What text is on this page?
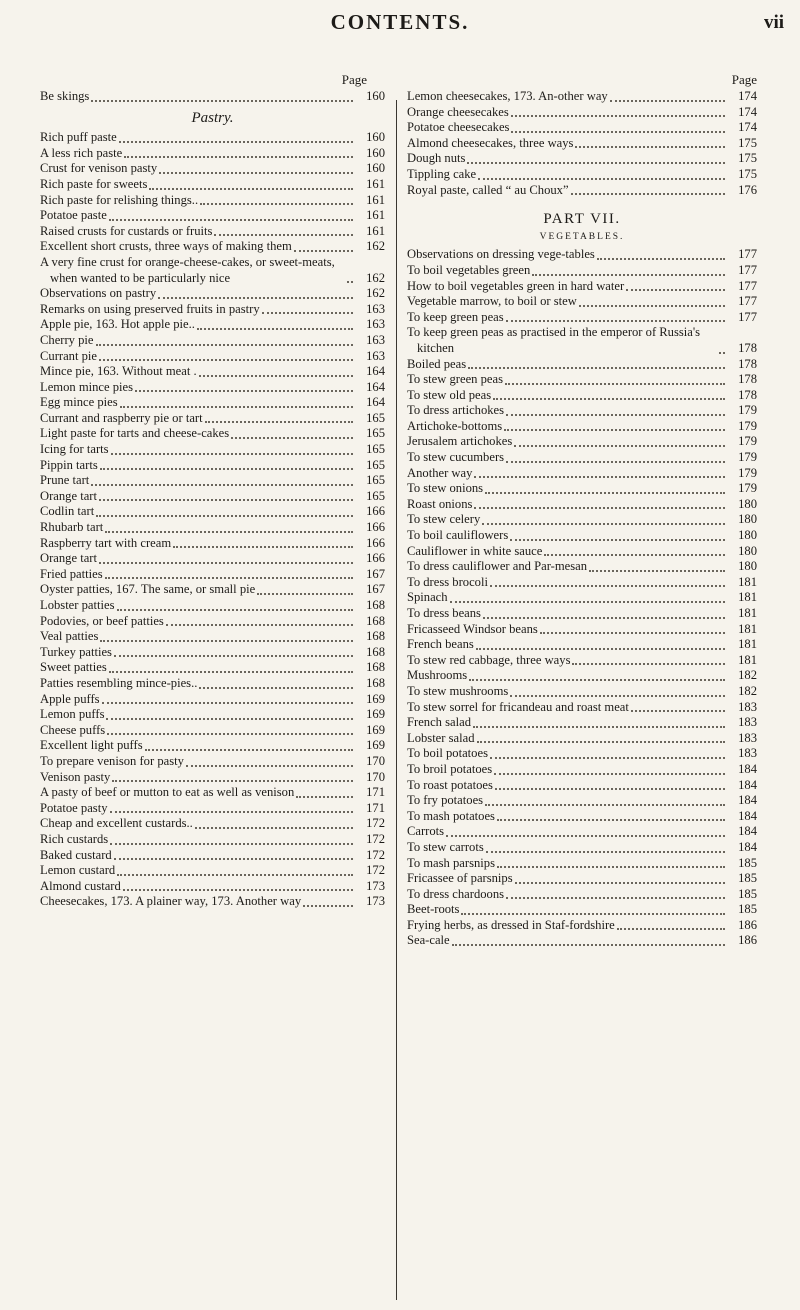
CONTENTS.	vii
Page
Be skings	160
Pastry.
Rich puff paste	160
A less rich paste	160
Crust for venison pasty	160
Rich paste for sweets	161
Rich paste for relishing things..	161
Potatoe paste	161
Raised crusts for custards or fruits	161
Excellent short crusts, three ways of making them	162
A very fine crust for orange-cheese-cakes, or sweet-meats, when wanted to be particularly nice	162
Observations on pastry	162
Remarks on using preserved fruits in pastry	163
Apple pie, 163. Hot apple pie..	163
Cherry pie	163
Currant pie	163
Mince pie, 163. Without meat .	164
Lemon mince pies	164
Egg mince pies	164
Currant and raspberry pie or tart	165
Light paste for tarts and cheese-cakes	165
Icing for tarts	165
Pippin tarts	165
Prune tart	165
Orange tart	165
Codlin tart	166
Rhubarb tart	166
Raspberry tart with cream	166
Orange tart	166
Fried patties	167
Oyster patties, 167. The same, or small pie	167
Lobster patties	168
Podovies, or beef patties	168
Veal patties	168
Turkey patties	168
Sweet patties	168
Patties resembling mince-pies..	168
Apple puffs	169
Lemon puffs	169
Cheese puffs	169
Excellent light puffs	169
To prepare venison for pasty	170
Venison pasty	170
A pasty of beef or mutton to eat as well as venison	171
Potatoe pasty	171
Cheap and excellent custards..	172
Rich custards	172
Baked custard	172
Lemon custard	172
Almond custard	173
Cheesecakes, 173. A plainer way, 173. Another way	173
Page
Lemon cheesecakes, 173. An-other way	174
Orange cheesecakes	174
Potatoe cheesecakes	174
Almond cheesecakes, three ways	175
Dough nuts	175
Tippling cake	175
Royal paste, called “ au Choux”	176
PART VII.
VEGETABLES.
Observations on dressing vege-tables	177
To boil vegetables green	177
How to boil vegetables green in hard water	177
Vegetable marrow, to boil or stew	177
To keep green peas	177
To keep green peas as practised in the emperor of Russia's kitchen	178
Boiled peas	178
To stew green peas	178
To stew old peas	178
To dress artichokes	179
Artichoke-bottoms	179
Jerusalem artichokes	179
To stew cucumbers	179
Another way	179
To stew onions	179
Roast onions	180
To stew celery	180
To boil cauliflowers	180
Cauliflower in white sauce	180
To dress cauliflower and Par-mesan	180
To dress brocoli	181
Spinach	181
To dress beans	181
Fricasseed Windsor beans	181
French beans	181
To stew red cabbage, three ways	181
Mushrooms	182
To stew mushrooms	182
To stew sorrel for fricandeau and roast meat	183
French salad	183
Lobster salad	183
To boil potatoes	183
To broil potatoes	184
To roast potatoes	184
To fry potatoes	184
To mash potatoes	184
Carrots	184
To stew carrots	184
To mash parsnips	185
Fricassee of parsnips	185
To dress chardoons	185
Beet-roots	185
Frying herbs, as dressed in Staf-fordshire	186
Sea-cale	186
